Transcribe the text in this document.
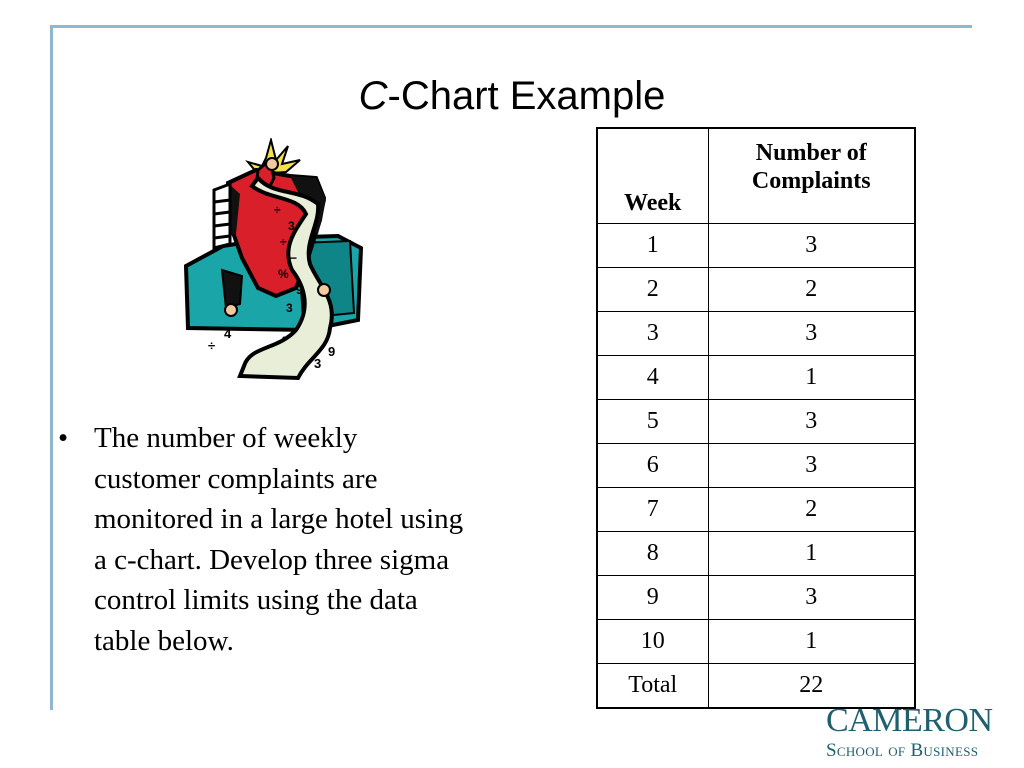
C-Chart Example
÷
3
÷
−
%
9
3
/
•
÷
4
9
3
−
• The number of weekly customer complaints are monitored in a large hotel using a c-chart. Develop three sigma control limits using the data table below.
Week	Number of Complaints
1	3
2	2
3	3
4	1
5	3
6	3
7	2
8	1
9	3
10	1
Total	22
CAMERON
School of Business
